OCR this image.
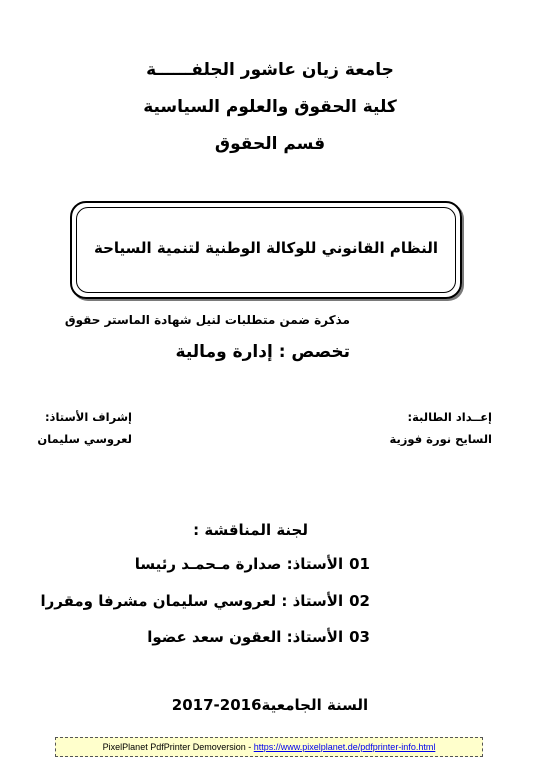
جامعة زيان عاشور الجلفــــــة
كلية الحقوق والعلوم السياسية
قسم الحقوق
النظام القانوني للوكالة الوطنية لتنمية السياحة
مذكرة ضمن متطلبات لنيل شهادة الماستر حقوق
تخصص : إدارة ومالية
إعــداد الطالبة:
السايح نورة فوزية
إشراف الأستاذ:
لعروسي سليمان
لجنة المناقشة :
01الأستاذ: صدارة مـحمـد رئيسا
02الأستاذ : لعروسي سليمان مشرفا ومقررا
03الأستاذ: العقون سعد عضوا
السنة الجامعية2016-2017
PixelPlanet PdfPrinter Demoversion - https://www.pixelplanet.de/pdfprinter-info.html
